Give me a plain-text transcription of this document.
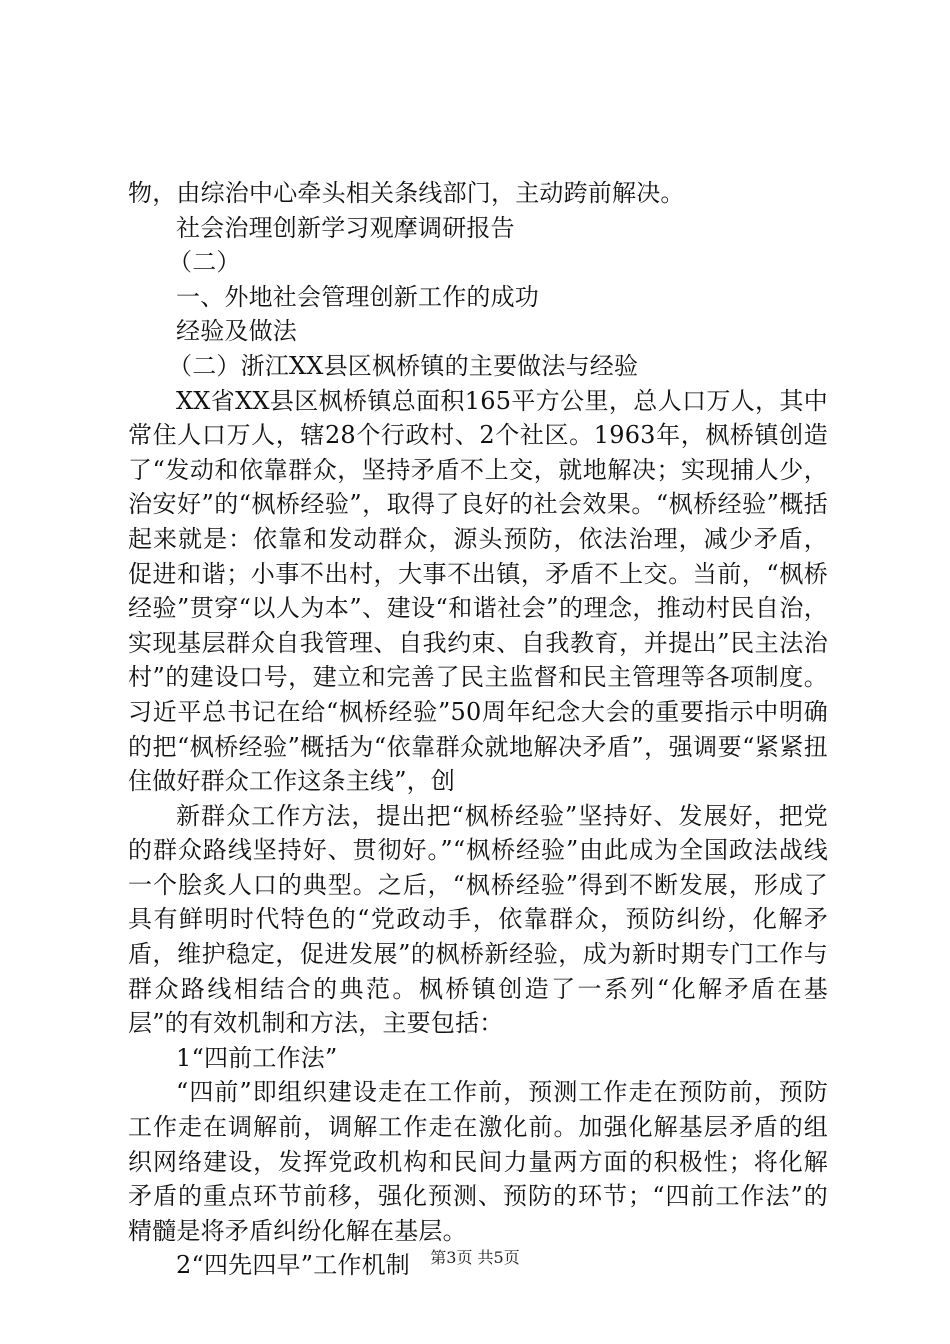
物，由综治中心牵头相关条线部门，主动跨前解决。

社会治理创新学习观摩调研报告

（二）

一、外地社会管理创新工作的成功

经验及做法

（二）浙江XX县区枫桥镇的主要做法与经验

XX省XX县区枫桥镇总面积165平方公里，总人口万人，其中常住人口万人，辖28个行政村、2个社区。1963年，枫桥镇创造了“发动和依靠群众，坚持矛盾不上交，就地解决；实现捕人少，治安好”的“枫桥经验”，取得了良好的社会效果。“枫桥经验”概括起来就是：依靠和发动群众，源头预防，依法治理，减少矛盾，促进和谐；小事不出村，大事不出镇，矛盾不上交。当前，“枫桥经验”贯穿“以人为本”、建设“和谐社会”的理念，推动村民自治，实现基层群众自我管理、自我约束、自我教育，并提出”民主法治村”的建设口号，建立和完善了民主监督和民主管理等各项制度。习近平总书记在给“枫桥经验”50周年纪念大会的重要指示中明确的把“枫桥经验”概括为“依靠群众就地解决矛盾”，强调要“紧紧扭住做好群众工作这条主线”，创

新群众工作方法，提出把“枫桥经验”坚持好、发展好，把党的群众路线坚持好、贯彻好。”“枫桥经验”由此成为全国政法战线一个脍炙人口的典型。之后，“枫桥经验”得到不断发展，形成了具有鲜明时代特色的“党政动手，依靠群众，预防纠纷，化解矛盾，维护稳定，促进发展”的枫桥新经验，成为新时期专门工作与群众路线相结合的典范。枫桥镇创造了一系列“化解矛盾在基层”的有效机制和方法，主要包括：

1“四前工作法”

“四前”即组织建设走在工作前，预测工作走在预防前，预防工作走在调解前，调解工作走在激化前。加强化解基层矛盾的组织网络建设，发挥党政机构和民间力量两方面的积极性；将化解矛盾的重点环节前移，强化预测、预防的环节；“四前工作法”的精髓是将矛盾纠纷化解在基层。

2“四先四早”工作机制	第3页 共5页
